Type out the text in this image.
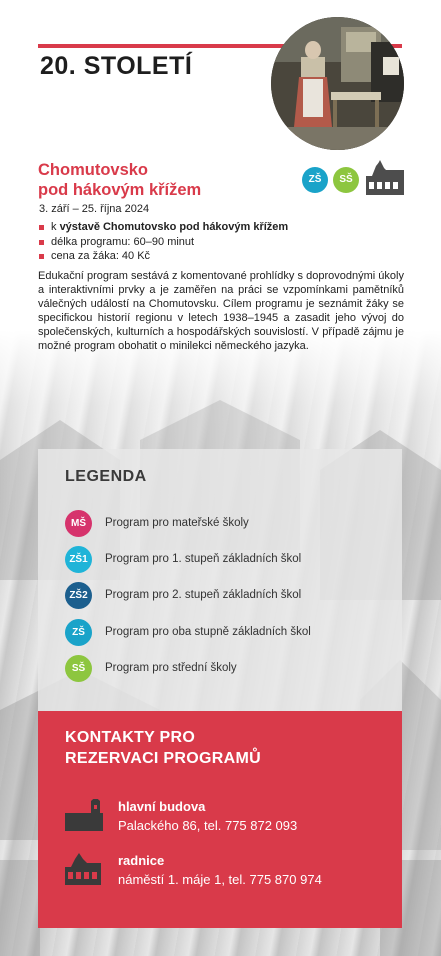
20. STOLETÍ
Chomutovsko
pod hákovým křížem
ZŠ	SŠ
3. září – 25. října 2024
k výstavě Chomutovsko pod hákovým křížem
délka programu: 60–90 minut
cena za žáka: 40 Kč
Edukační program sestává z komentované prohlídky s doprovodnými úkoly a interaktivními prvky a je zaměřen na práci se vzpomínkami pamětníků válečných událostí na Chomutovsku. Cílem programu je seznámit žáky se specifickou historií regionu v letech 1938–1945 a zasadit jeho vývoj do společenských, kulturních a hospodářských souvislostí. V případě zájmu je možné program obohatit o minilekci německého jazyka.
LEGENDA
MŠ	Program pro mateřské školy
ZŠ1	Program pro 1. stupeň základních škol
ZŠ2	Program pro 2. stupeň základních škol
ZŠ	Program pro oba stupně základních škol
SŠ	Program pro střední školy
KONTAKTY PRO
REZERVACI PROGRAMŮ
hlavní budova
Palackého 86, tel. 775 872 093
radnice
náměstí 1. máje 1, tel. 775 870 974
